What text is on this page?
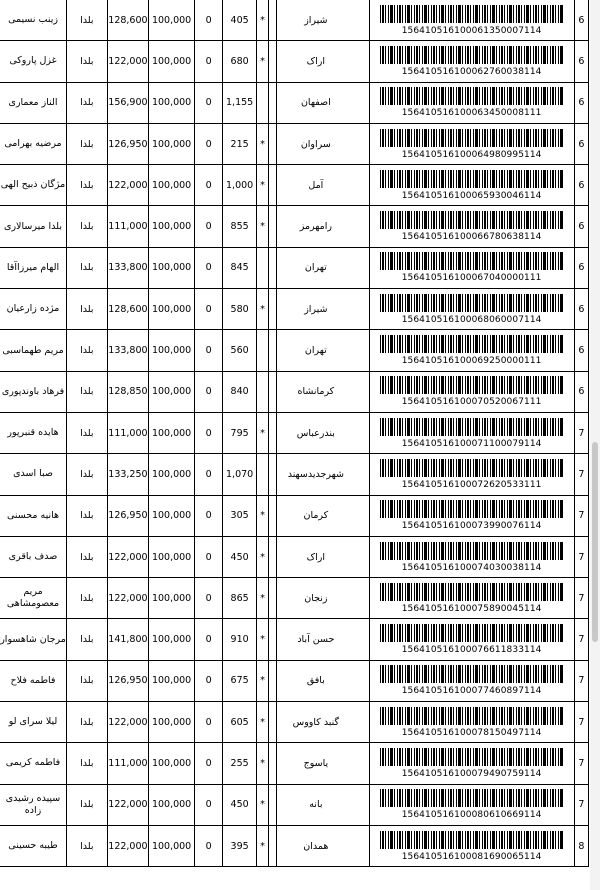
زینب نسیمی	بلدا	128,600	100,000	0	405	*		شیراز	156410516100061350007114	6
غزل پاروکی	بلدا	122,000	100,000	0	680	*		اراک	156410516100062760038114	6
الناز معماری	بلدا	156,900	100,000	0	1,155			اصفهان	156410516100063450008111	6
مرضیه بهرامی	بلدا	126,950	100,000	0	215	*		سراوان	156410516100064980995114	6
مژگان ذبیح الهی	بلدا	122,000	100,000	0	1,000	*		آمل	156410516100065930046114	6
بلدا میرسالاری	بلدا	111,000	100,000	0	855	*		رامهرمز	156410516100066780638114	6
الهام میرزاآقا	بلدا	133,800	100,000	0	845			تهران	156410516100067040000111	6
مژده زارعیان	بلدا	128,600	100,000	0	580	*		شیراز	156410516100068060007114	6
مریم طهماسبی	بلدا	133,800	100,000	0	560			تهران	156410516100069250000111	6
فرهاد باوندپوری	بلدا	128,850	100,000	0	840			کرمانشاه	156410516100070520067111	6
هایده قنبرپور	بلدا	111,000	100,000	0	795	*		بندرعباس	156410516100071100079114	7
صبا اسدی	بلدا	133,250	100,000	0	1,070			شهرجدیدسهند	156410516100072620533111	7
هانیه محسنی	بلدا	126,950	100,000	0	305	*		کرمان	156410516100073990076114	7
صدف باقری	بلدا	122,000	100,000	0	450	*		اراک	156410516100074030038114	7
مریم معصومشاهی	بلدا	122,000	100,000	0	865	*		زنجان	156410516100075890045114	7
مرجان شاهسوار	بلدا	141,800	100,000	0	910	*		حسن آباد	156410516100076611833114	7
فاطمه فلاح	بلدا	126,950	100,000	0	675	*		بافق	156410516100077460897114	7
لیلا سرای لو	بلدا	122,000	100,000	0	605	*		گنبد کاووس	156410516100078150497114	7
فاطمه کریمی	بلدا	111,000	100,000	0	255	*		یاسوج	156410516100079490759114	7
سپیده رشیدی زاده	بلدا	122,000	100,000	0	450	*		بانه	156410516100080610669114	7
طیبه حسینی	بلدا	122,000	100,000	0	395	*		همدان	156410516100081690065114	8
